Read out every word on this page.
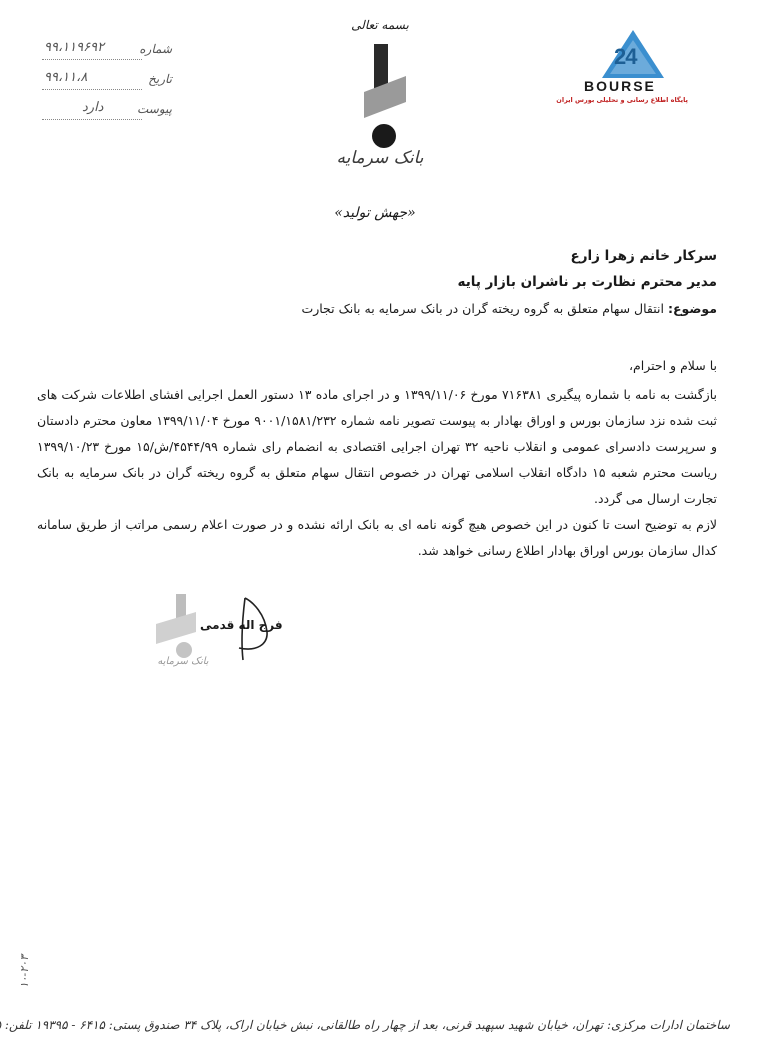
بسمه تعالی
بانک سرمایه
24
BOURSE
پایگاه اطلاع رسانی و تحلیلی بورس ایران
شماره
۹۹،۱۱۹۶۹۲
تاریخ
۹۹،۱۱،۸
پیوست
دارد
«جهش تولید»
سرکار خانم زهرا زارع
مدیر محترم نظارت بر ناشران بازار پایه
موضوع: انتقال سهام متعلق به گروه ریخته گران در بانک سرمایه به بانک تجارت
با سلام و احترام،

بازگشت به نامه با شماره پیگیری ۷۱۶۳۸۱ مورخ ۱۳۹۹/۱۱/۰۶ و در اجرای ماده ۱۳ دستور العمل اجرایی افشای اطلاعات شرکت های ثبت شده نزد سازمان بورس و اوراق بهادار به پیوست تصویر نامه شماره ۹۰۰۱/۱۵۸۱/۲۳۲ مورخ ۱۳۹۹/۱۱/۰۴ معاون محترم دادستان و سرپرست دادسرای عمومی و انقلاب ناحیه ۳۲ تهران اجرایی اقتصادی به انضمام رای شماره ۴۵۴۴/۹۹/ش/۱۵ مورخ ۱۳۹۹/۱۰/۲۳ ریاست محترم شعبه ۱۵ دادگاه انقلاب اسلامی تهران در خصوص انتقال سهام متعلق به گروه ریخته گران در بانک سرمایه به بانک تجارت ارسال می گردد.

لازم به توضیح است تا کنون در این خصوص هیچ گونه نامه ای به بانک ارائه نشده و در صورت اعلام رسمی مراتب از طریق سامانه کدال سازمان بورس اوراق بهادار اطلاع رسانی خواهد شد.

بانک سرمایه
فرج اله قدمی
۱۰-۲۰۳
ساختمان ادارات مرکزی: تهران، خیابان شهید سپهبد قرنی، بعد از چهار راه طالقانی، نبش خیابان اراک، پلاک ۳۴ صندوق پستی: ۶۴۱۵ - ۱۹۳۹۵ تلفن:
